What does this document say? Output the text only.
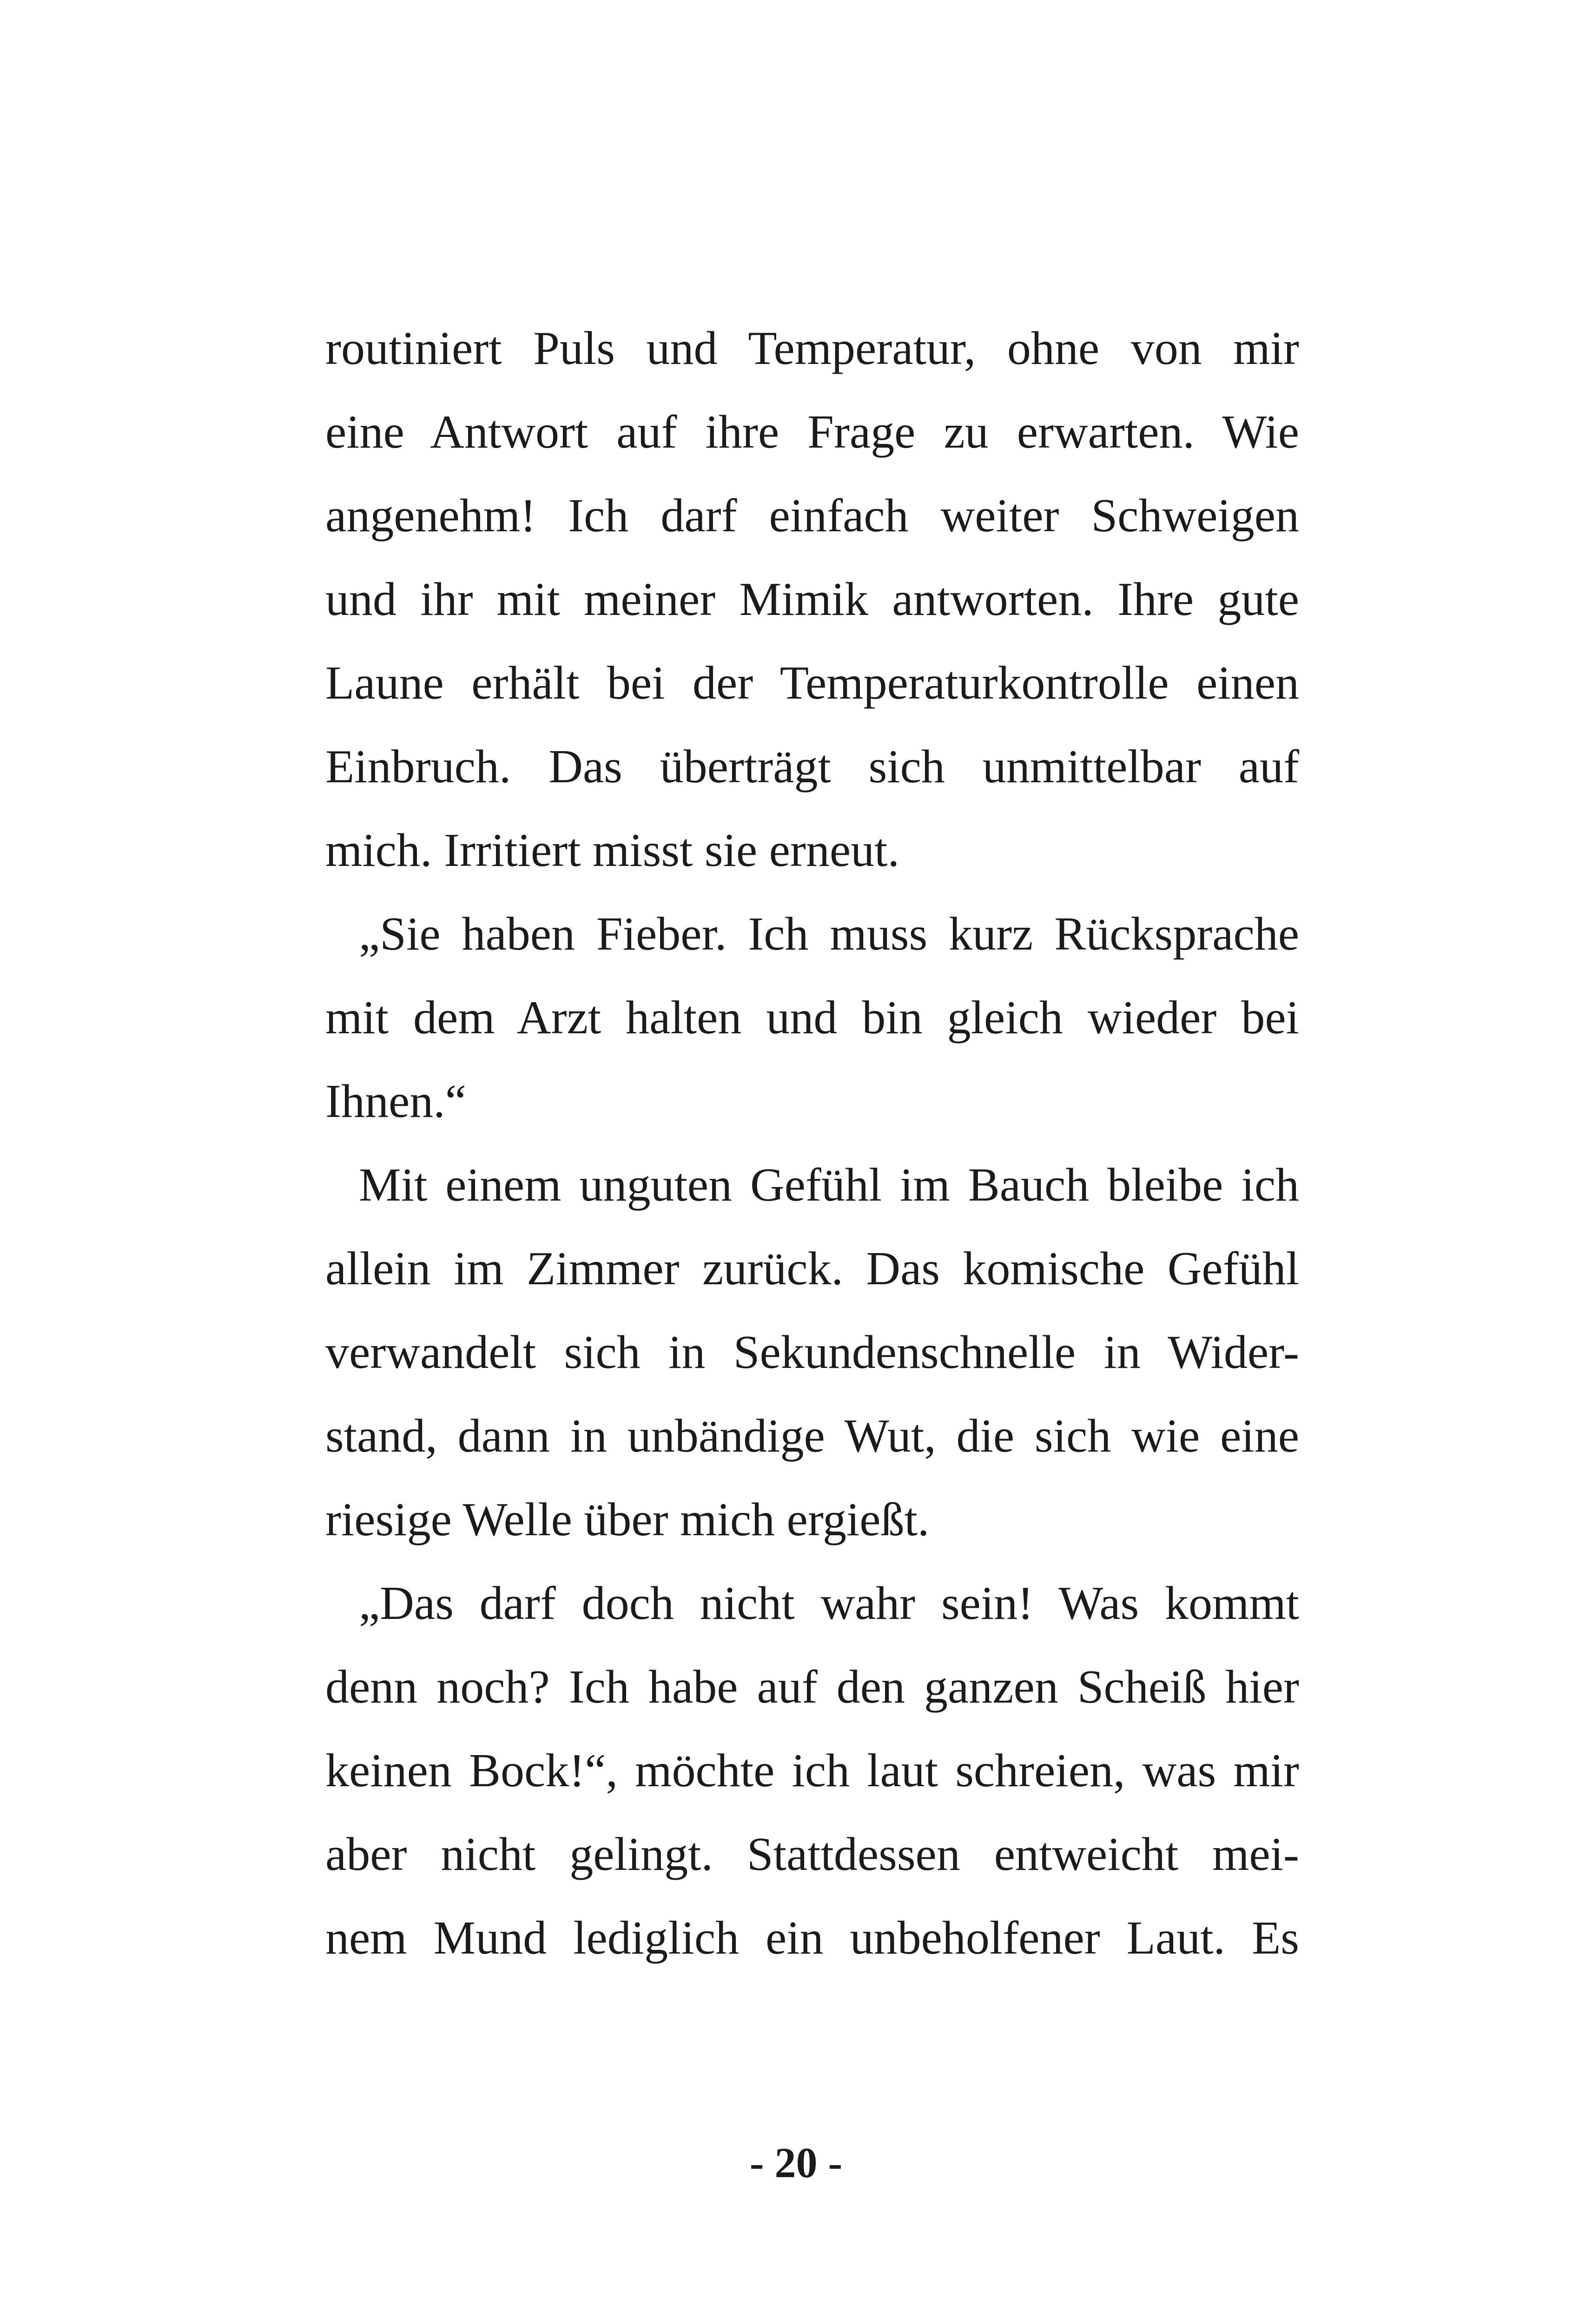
routiniert Puls und Temperatur, ohne von mir
eine Antwort auf ihre Frage zu erwarten. Wie
angenehm! Ich darf einfach weiter Schweigen
und ihr mit meiner Mimik antworten. Ihre gute
Laune erhält bei der Temperaturkontrolle einen
Einbruch. Das überträgt sich unmittelbar auf
mich. Irritiert misst sie erneut.
„Sie haben Fieber. Ich muss kurz Rücksprache
mit dem Arzt halten und bin gleich wieder bei
Ihnen.“
Mit einem unguten Gefühl im Bauch bleibe ich
allein im Zimmer zurück. Das komische Gefühl
verwandelt sich in Sekundenschnelle in Wider-
stand, dann in unbändige Wut, die sich wie eine
riesige Welle über mich ergießt.
„Das darf doch nicht wahr sein! Was kommt
denn noch? Ich habe auf den ganzen Scheiß hier
keinen Bock!“, möchte ich laut schreien, was mir
aber nicht gelingt. Stattdessen entweicht mei-
nem Mund lediglich ein unbeholfener Laut. Es
- 20 -
